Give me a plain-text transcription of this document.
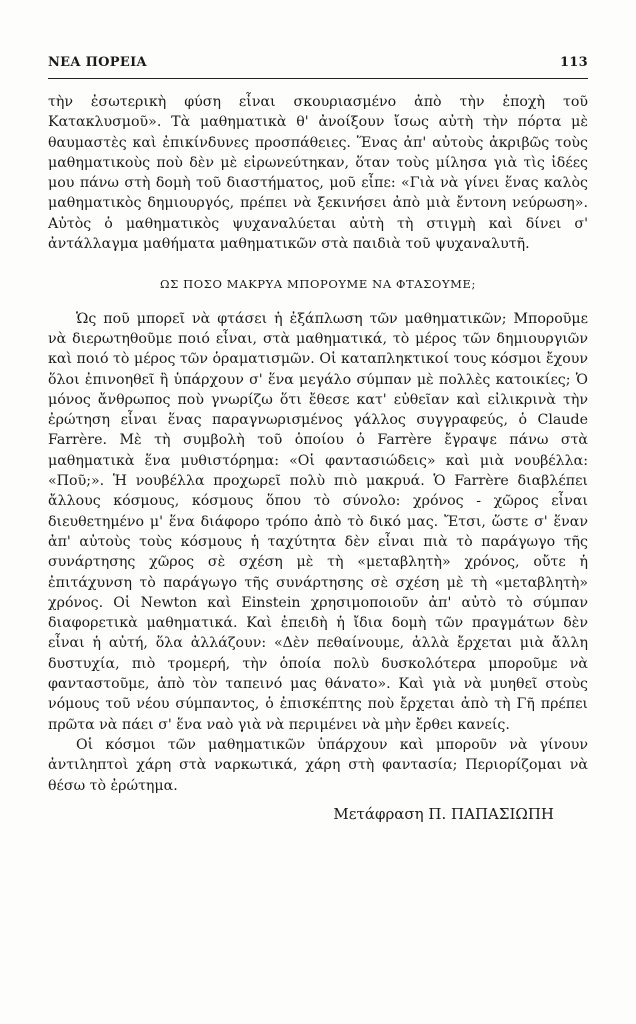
ΝΕΑ ΠΟΡΕΙΑ	113

τὴν ἐσωτερικὴ φύση εἶναι σκουριασμένο ἀπὸ τὴν ἐποχὴ τοῦ Κατακλυσμοῦ». Τὰ μαθηματικὰ θ' ἀνοίξουν ἴσως αὐτὴ τὴν πόρτα μὲ θαυμαστὲς καὶ ἐπικίνδυνες προσπάθειες. Ἕνας ἀπ' αὐτοὺς ἀκριβῶς τοὺς μαθηματικοὺς ποὺ δὲν μὲ εἰρωνεύτηκαν, ὅταν τοὺς μίλησα γιὰ τὶς ἰδέες μου πάνω στὴ δομὴ τοῦ διαστήματος, μοῦ εἶπε: «Γιὰ νὰ γίνει ἕνας καλὸς μαθηματικὸς δημιουργός, πρέπει νὰ ξεκινήσει ἀπὸ μιὰ ἔντονη νεύρωση». Αὐτὸς ὁ μαθηματικὸς ψυχαναλύεται αὐτὴ τὴ στιγμὴ καὶ δίνει σ' ἀντάλλαγμα μαθήματα μαθηματικῶν στὰ παιδιὰ τοῦ ψυχαναλυτῆ.

ΩΣ ΠΟΣΟ ΜΑΚΡΥΑ ΜΠΟΡΟΥΜΕ ΝΑ ΦΤΑΣΟΥΜΕ;

Ὡς ποῦ μπορεῖ νὰ φτάσει ἡ ἐξάπλωση τῶν μαθηματικῶν; Μποροῦμε νὰ διερωτηθοῦμε ποιό εἶναι, στὰ μαθηματικά, τὸ μέρος τῶν δημιουργιῶν καὶ ποιό τὸ μέρος τῶν ὁραματισμῶν. Οἱ καταπληκτικοί τους κόσμοι ἔχουν ὅλοι ἐπινοηθεῖ ἢ ὑπάρχουν σ' ἕνα μεγάλο σύμπαν μὲ πολλὲς κατοικίες; Ὁ μόνος ἄνθρωπος ποὺ γνωρίζω ὅτι ἔθεσε κατ' εὐθεῖαν καὶ εἰλικρινὰ τὴν ἐρώτηση εἶναι ἕνας παραγνωρισμένος γάλλος συγγραφεύς, ὁ Claude Farrère. Μὲ τὴ συμβολὴ τοῦ ὁποίου ὁ Farrère ἔγραψε πάνω στὰ μαθηματικὰ ἕνα μυθιστόρημα: «Οἱ φαντασιώδεις» καὶ μιὰ νουβέλλα: «Ποῦ;». Ἡ νουβέλλα προχωρεῖ πολὺ πιὸ μακρυά. Ὁ Farrère διαβλέπει ἄλλους κόσμους, κόσμους ὅπου τὸ σύνολο: χρόνος - χῶρος εἶναι διευθετημένο μ' ἕνα διάφορο τρόπο ἀπὸ τὸ δικό μας. Ἔτσι, ὥστε σ' ἕναν ἀπ' αὐτοὺς τοὺς κόσμους ἡ ταχύτητα δὲν εἶναι πιὰ τὸ παράγωγο τῆς συνάρτησης χῶρος σὲ σχέση μὲ τὴ «μεταβλητὴ» χρόνος, οὔτε ἡ ἐπιτάχυνση τὸ παράγωγο τῆς συνάρτησης σὲ σχέση μὲ τὴ «μεταβλητὴ» χρόνος. Οἱ Newton καὶ Einstein χρησιμοποιοῦν ἀπ' αὐτὸ τὸ σύμπαν διαφορετικὰ μαθηματικά. Καὶ ἐπειδὴ ἡ ἴδια δομὴ τῶν πραγμάτων δὲν εἶναι ἡ αὐτή, ὅλα ἀλλάζουν: «Δὲν πεθαίνουμε, ἀλλὰ ἔρχεται μιὰ ἄλλη δυστυχία, πιὸ τρομερή, τὴν ὁποία πολὺ δυσκολότερα μποροῦμε νὰ φανταστοῦμε, ἀπὸ τὸν ταπεινό μας θάνατο». Καὶ γιὰ νὰ μυηθεῖ στοὺς νόμους τοῦ νέου σύμπαντος, ὁ ἐπισκέπτης ποὺ ἔρχεται ἀπὸ τὴ Γῆ πρέπει πρῶτα νὰ πάει σ' ἕνα ναὸ γιὰ νὰ περιμένει νὰ μὴν ἔρθει κανείς.

Οἱ κόσμοι τῶν μαθηματικῶν ὑπάρχουν καὶ μποροῦν νὰ γίνουν ἀντιληπτοὶ χάρη στὰ ναρκωτικά, χάρη στὴ φαντασία; Περιορίζομαι νὰ θέσω τὸ ἐρώτημα.

Μετάφραση Π. ΠΑΠΑΣΙΩΠΗ
